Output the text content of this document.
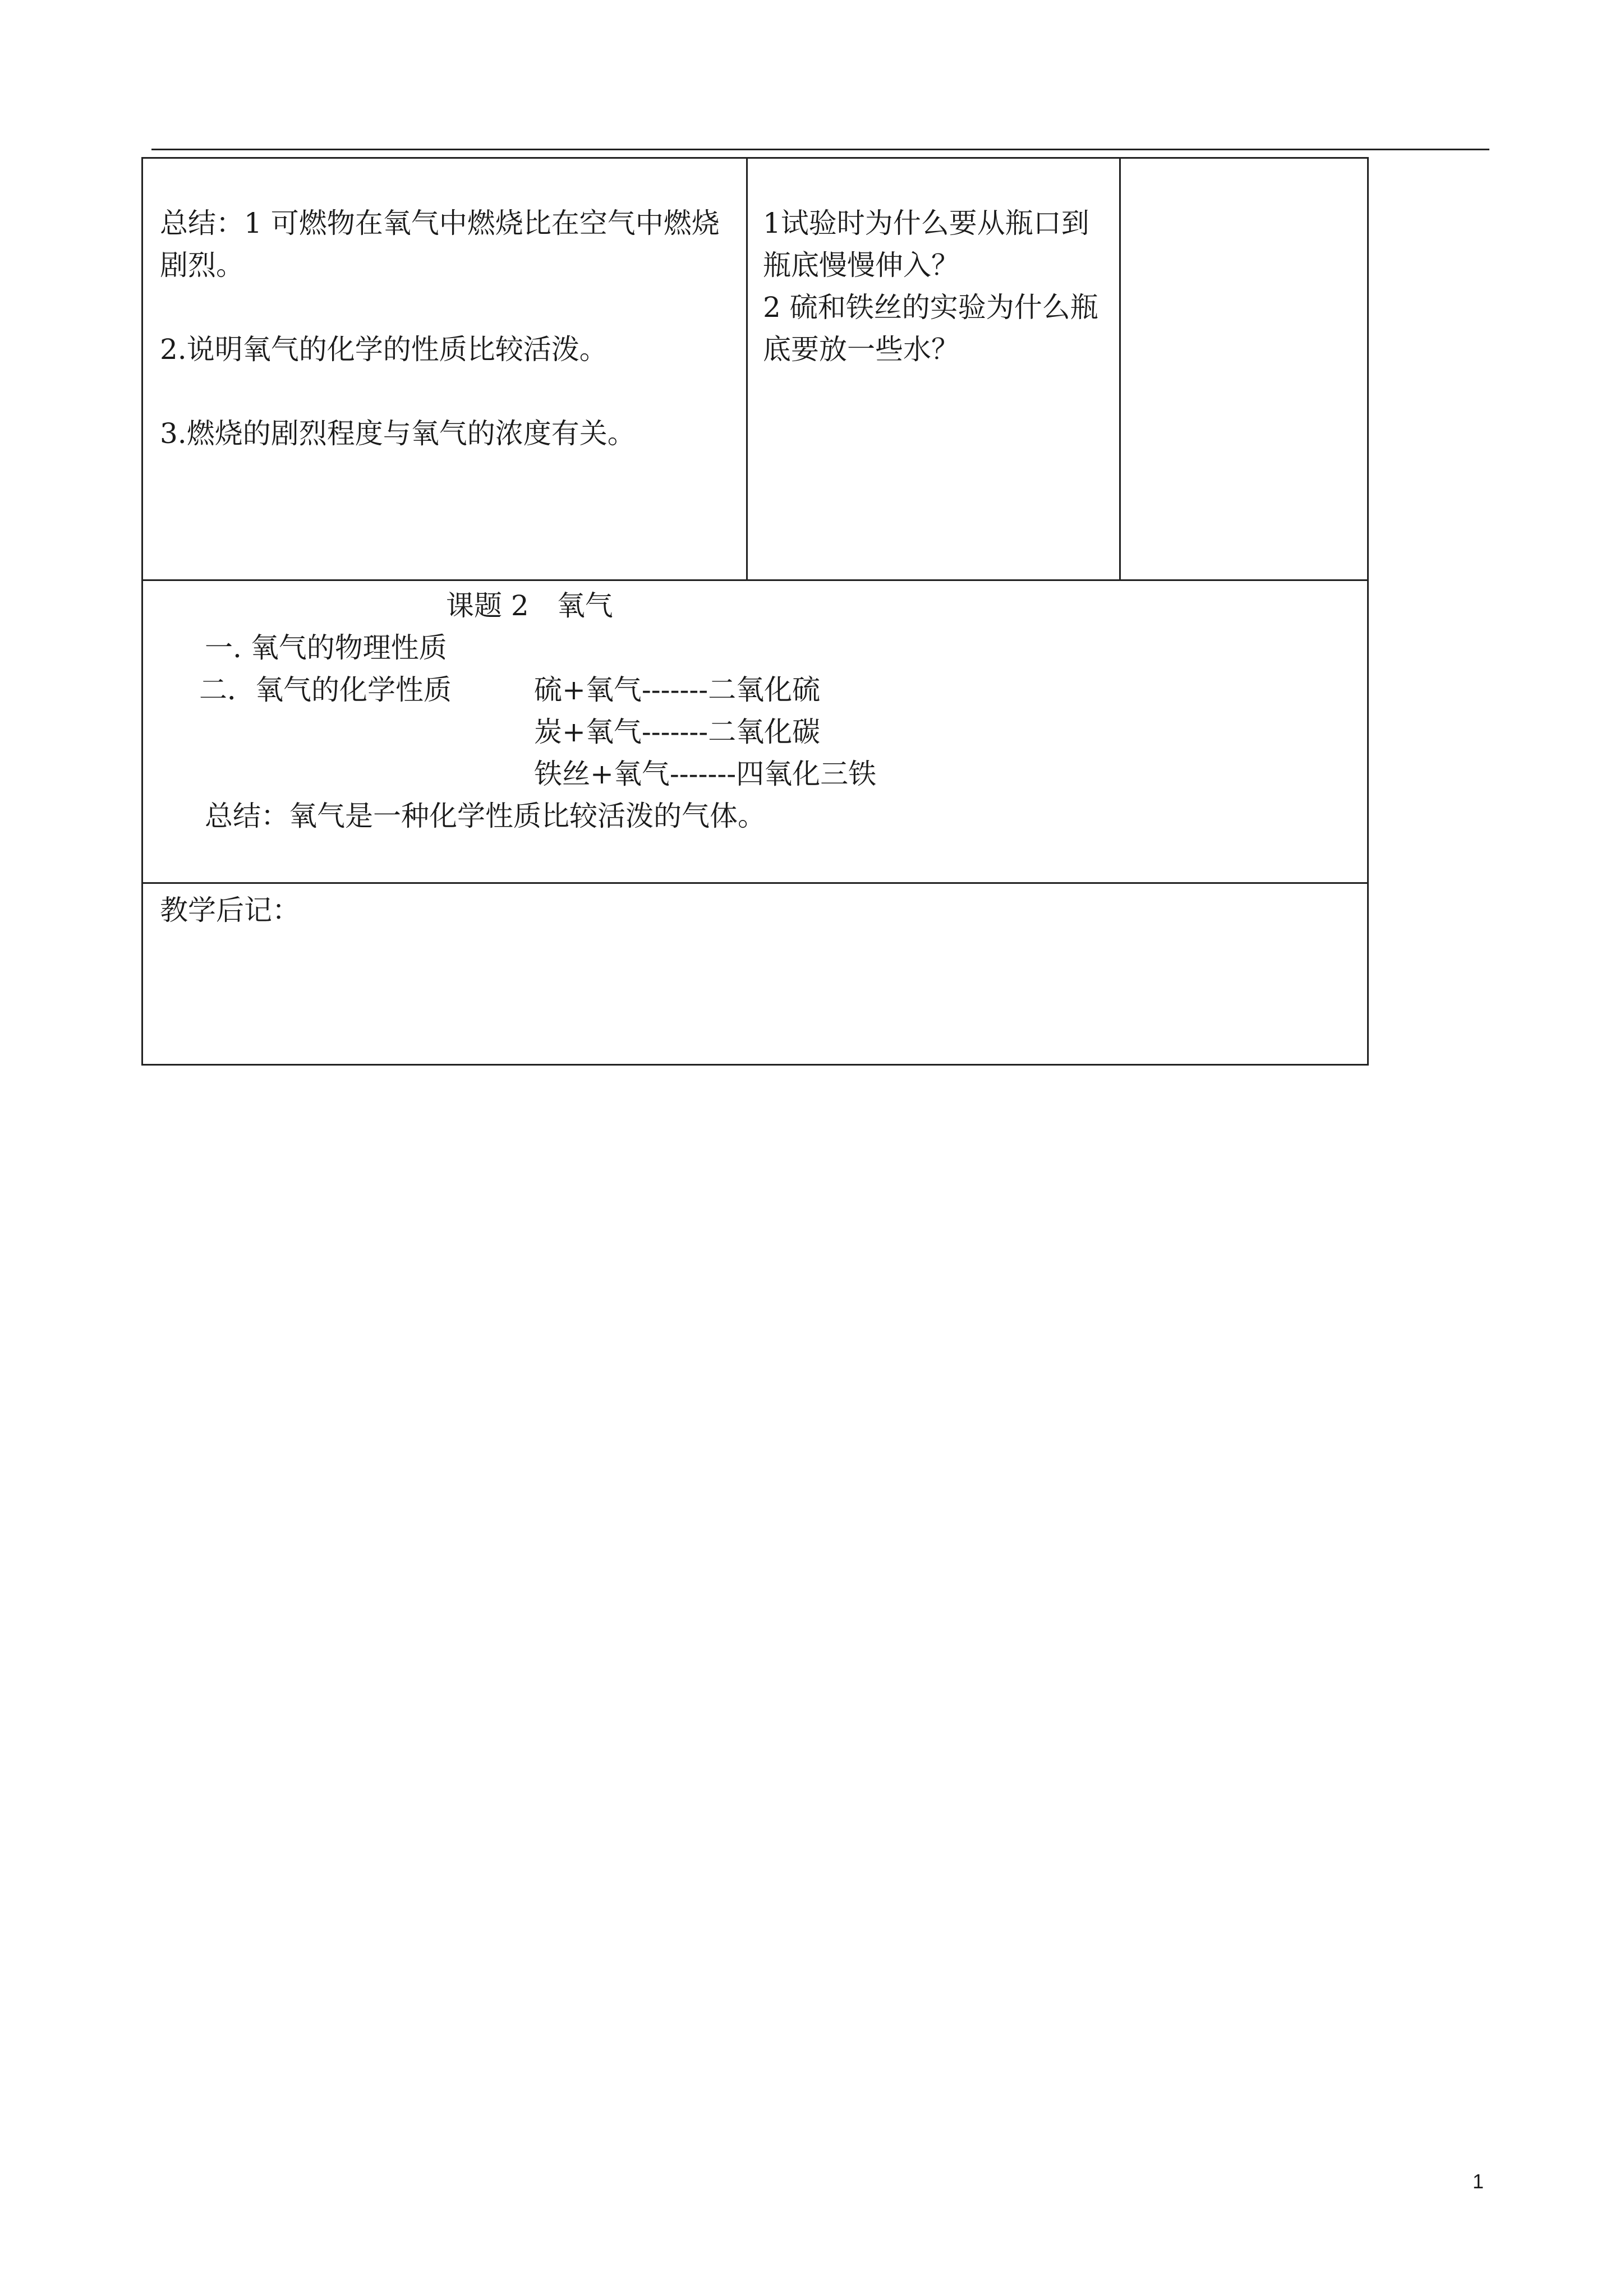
总结：1 可燃物在氧气中燃烧比在空气中燃烧
剧烈。
2.说明氧气的化学的性质比较活泼。
3.燃烧的剧烈程度与氧气的浓度有关。
1试验时为什么要从瓶口到
瓶底慢慢伸入？
2 硫和铁丝的实验为什么瓶
底要放一些水？
课题 2　氧气
一. 氧气的物理性质
二．氧气的化学性质	硫+氧气-------二氧化硫
炭+氧气-------二氧化碳
铁丝+氧气-------四氧化三铁
总结：氧气是一种化学性质比较活泼的气体。
教学后记：
1
